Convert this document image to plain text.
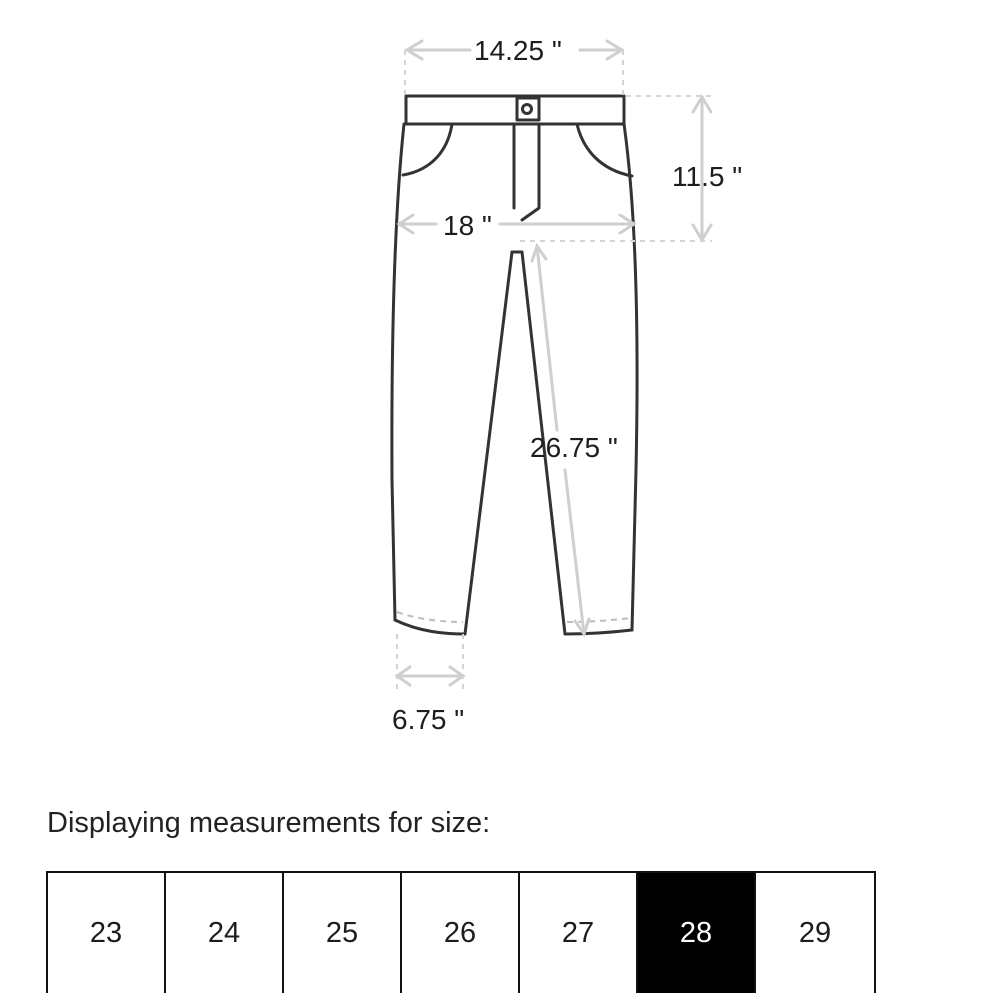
14.25 "
11.5 "
18 "
26.75 "
6.75 "
Displaying measurements for size:
23	24	25	26	27	28	29
